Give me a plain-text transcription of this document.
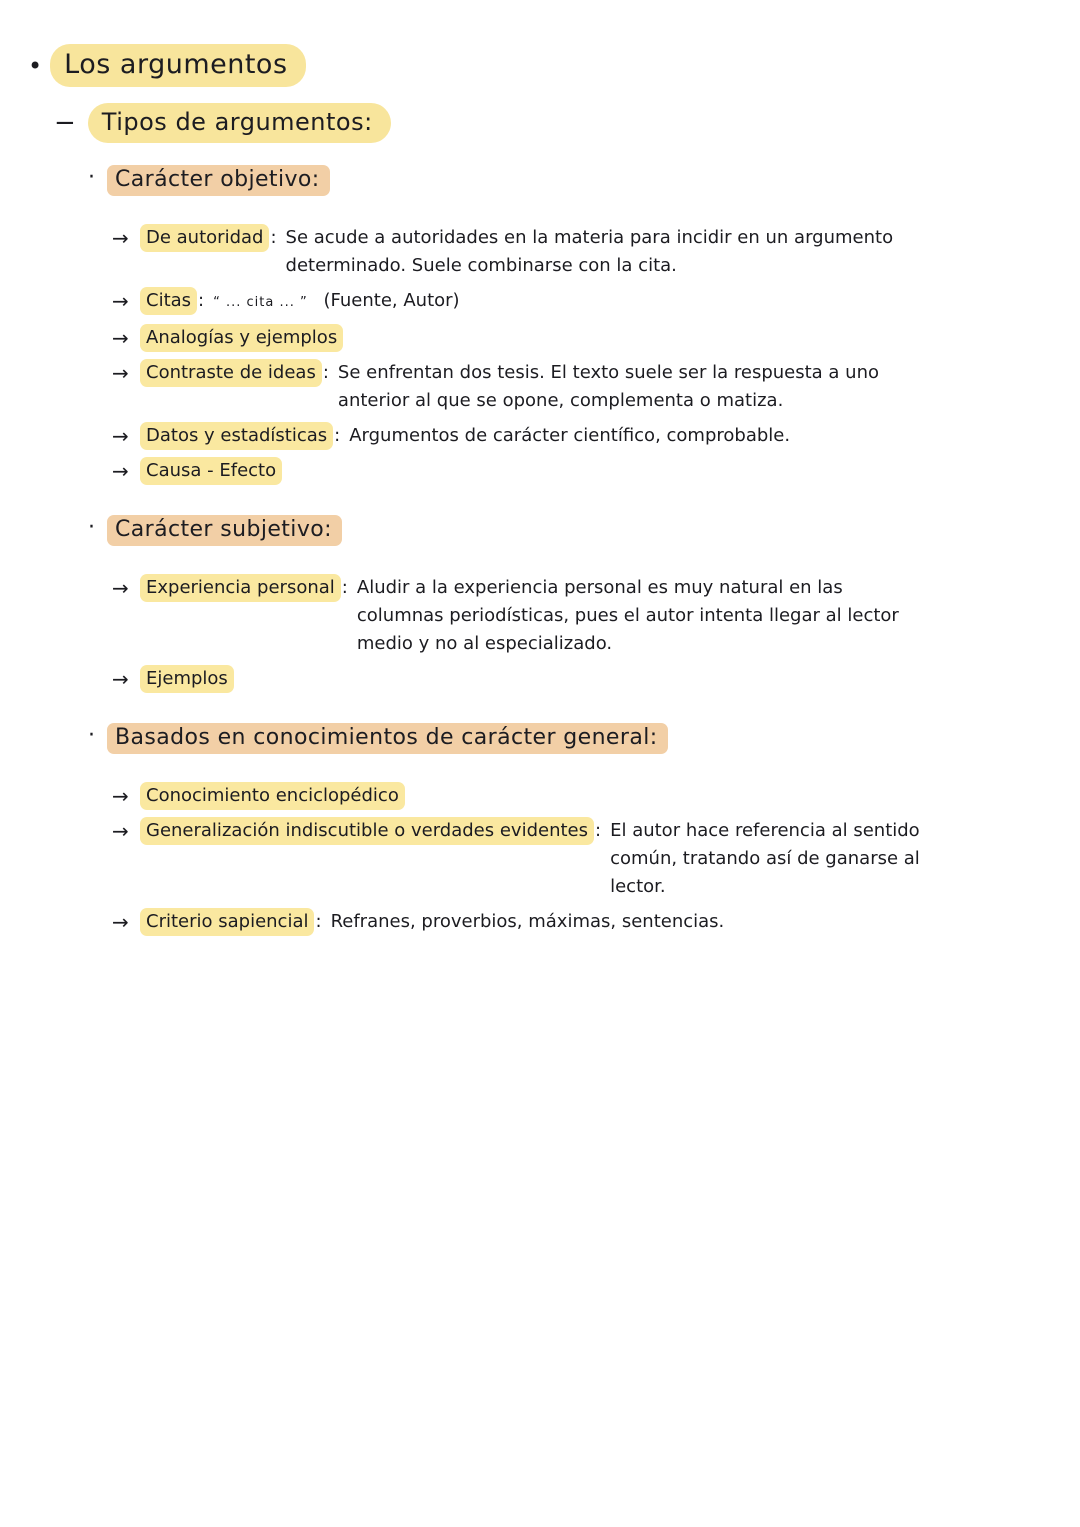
• Los argumentos
−	Tipos de argumentos:
· Carácter objetivo:
→ De autoridad : Se acude a autoridades en la materia para incidir en un argumento
determinado. Suele combinarse con la cita.
→ Citas : “ ... cita ... ” (Fuente, Autor)
→ Analogías y ejemplos
→ Contraste de ideas : Se enfrentan dos tesis. El texto suele ser la respuesta a uno
anterior al que se opone, complementa o matiza.
→ Datos y estadísticas : Argumentos de carácter científico, comprobable.
→ Causa - Efecto
· Carácter subjetivo:
→ Experiencia personal : Aludir a la experiencia personal es muy natural en las
columnas periodísticas, pues el autor intenta llegar al lector
medio y no al especializado.
→ Ejemplos
· Basados en conocimientos de carácter general:
→ Conocimiento enciclopédico
→ Generalización indiscutible o verdades evidentes : El autor hace referencia al sentido
común, tratando así de ganarse al
lector.
→ Criterio sapiencial : Refranes, proverbios, máximas, sentencias.
